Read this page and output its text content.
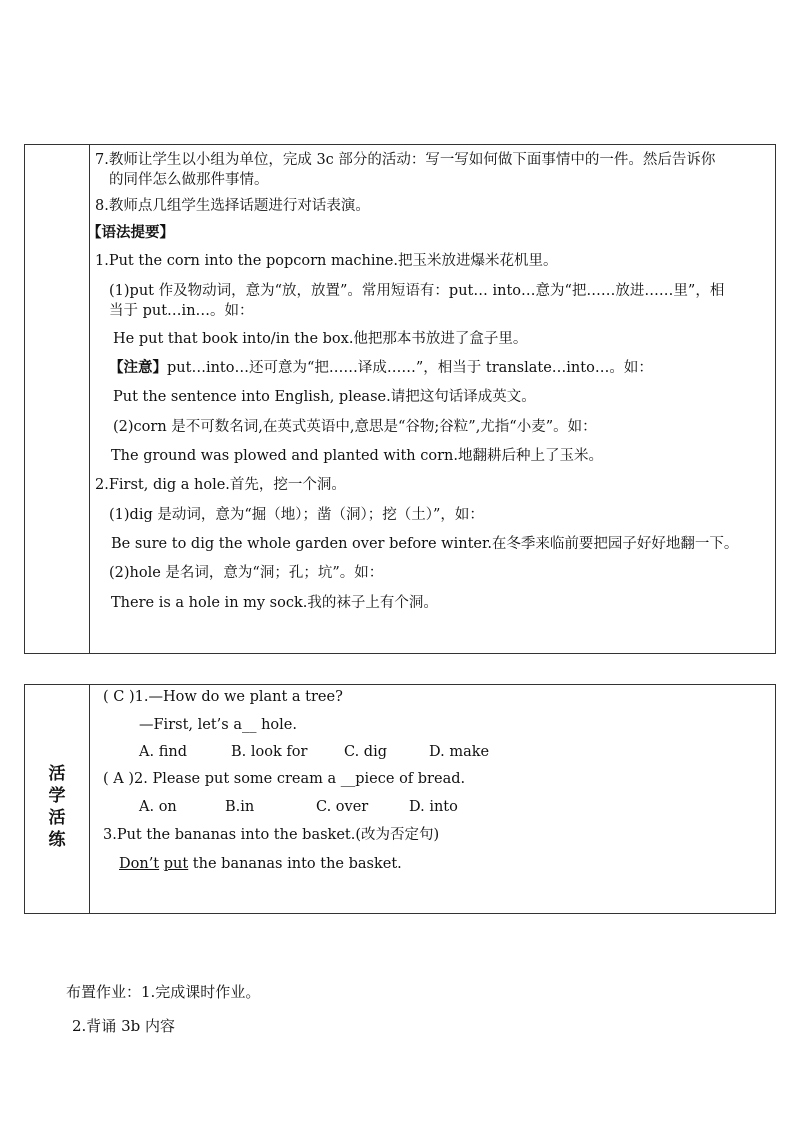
7.教师让学生以小组为单位，完成 3c 部分的活动：写一写如何做下面事情中的一件。然后告诉你
的同伴怎么做那件事情。
8.教师点几组学生选择话题进行对话表演。
【语法提要】
1.Put the corn into the popcorn machine.把玉米放进爆米花机里。
(1)put 作及物动词，意为“放，放置”。常用短语有：put… into…意为“把……放进……里”，相
当于 put…in…。如：
He put that book into/in the box.他把那本书放进了盒子里。
【注意】put…into…还可意为“把……译成……”，相当于 translate…into…。如：
Put the sentence into English, please.请把这句话译成英文。
(2)corn 是不可数名词,在英式英语中,意思是“谷物;谷粒”,尤指“小麦”。如：
The ground was plowed and planted with corn.地翻耕后种上了玉米。
2.First, dig a hole.首先，挖一个洞。
(1)dig 是动词，意为“掘（地）；凿（洞）；挖（土）”，如：
Be sure to dig the whole garden over before winter.在冬季来临前要把园子好好地翻一下。
(2)hole 是名词，意为“洞；孔；坑”。如：
There is a hole in my sock.我的袜子上有个洞。
活
学
活
练
( C )1.—How do we plant a tree?
—First, let’s a__ hole.
A. find	B. look for	C. dig	D. make
( A )2. Please put some cream a __piece of bread.
A. on	B.in	C. over	D. into
3.Put the bananas into the basket.(改为否定句)
Don’t put the bananas into the basket.
布置作业：1.完成课时作业。
2.背诵 3b 内容
